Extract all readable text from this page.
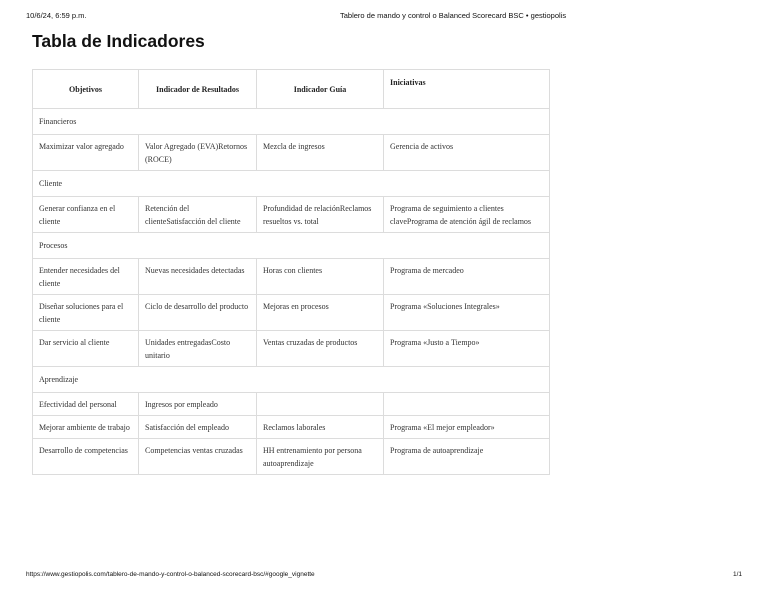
10/6/24, 6:59 p.m.	Tablero de mando y control o Balanced Scorecard BSC • gestiopolis
Tabla de Indicadores
Objetivos	Indicador de Resultados	Indicador Guía	Iniciativas
Financieros			
Maximizar valor agregado	Valor Agregado (EVA)Retornos (ROCE)	Mezcla de ingresos	Gerencia de activos
Cliente			
Generar confianza en el cliente	Retención del clienteSatisfacción del cliente	Profundidad de relaciónReclamos resueltos vs. total	Programa de seguimiento a clientes claveProgramа de atención ágil de reclamos
Procesos			
Entender necesidades del cliente	Nuevas necesidades detectadas	Horas con clientes	Programa de mercadeo
Diseñar soluciones para el cliente	Ciclo de desarrollo del producto	Mejoras en procesos	Programa «Soluciones Integrales»
Dar servicio al cliente	Unidades entregadasCosto unitario	Ventas cruzadas de productos	Programa «Justo a Tiempo»
Aprendizaje			
Efectividad del personal	Ingresos por empleado		
Mejorar ambiente de trabajo	Satisfacción del empleado	Reclamos laborales	Programa «El mejor empleador»
Desarrollo de competencias	Competencias ventas cruzadas	HH entrenamiento por persona autoaprendizaje	Programa de autoaprendizaje
https://www.gestiopolis.com/tablero-de-mando-y-control-o-balanced-scorecard-bsc/#google_vignette	1/1
